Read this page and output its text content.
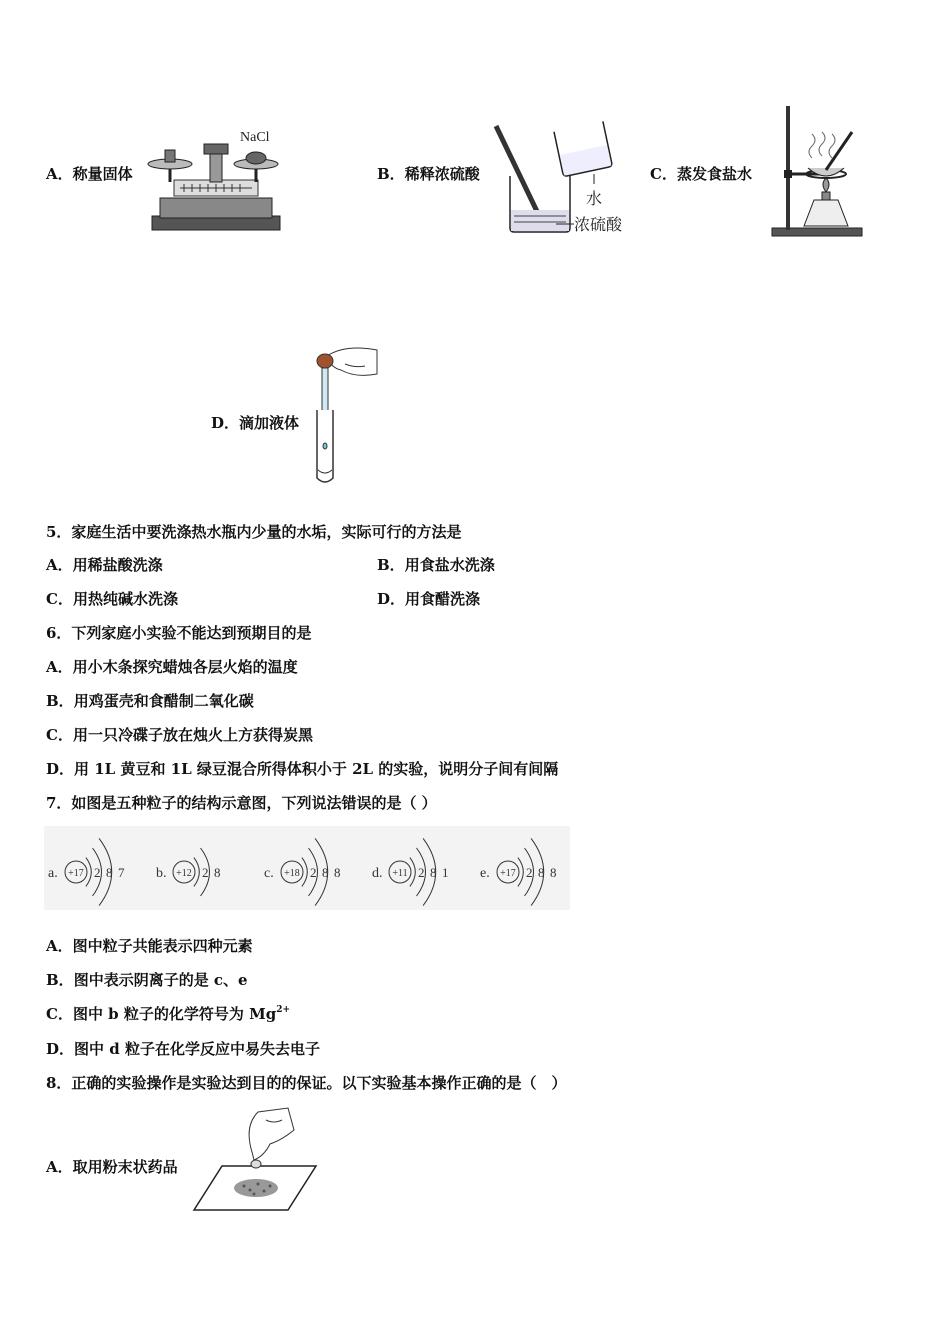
A．称量固体
NaCl
B．稀释浓硫酸
水
浓硫酸
C．蒸发食盐水
D．滴加液体
5．家庭生活中要洗涤热水瓶内少量的水垢，实际可行的方法是
A．用稀盐酸洗涤	B．用食盐水洗涤
C．用热纯碱水洗涤	D．用食醋洗涤
6．下列家庭小实验不能达到预期目的是
A．用小木条探究蜡烛各层火焰的温度
B．用鸡蛋壳和食醋制二氧化碳
C．用一只冷碟子放在烛火上方获得炭黑
D．用 1L 黄豆和 1L 绿豆混合所得体积小于 2L 的实验，说明分子间有间隔
7．如图是五种粒子的结构示意图，下列说法错误的是（ ）
a. +17 2 8 7 b. +12 2 8	c. +18 2 8 8 d. +11 2 8 1 e. +17 2 8 8
A．图中粒子共能表示四种元素
B．图中表示阴离子的是 c、e
C．图中 b 粒子的化学符号为 $Mg^{2+}$
D．图中 d 粒子在化学反应中易失去电子
8．正确的实验操作是实验达到目的的保证。以下实验基本操作正确的是（　）
A．取用粉末状药品
